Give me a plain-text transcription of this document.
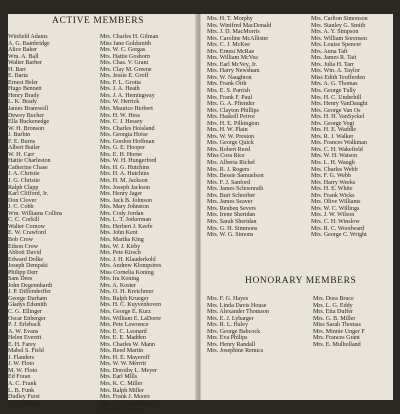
ACTIVE MEMBERS
Winfield Adams
A. G. Bainbridge
Alice Baker
Wm. A. Ball
Walter Barber
H. Barr
E. Barta
Ernest Beler
Hugo Bennett
Henry Brady
L. K. Brady
James Bramwell
Dewey Bucher
Ella Buckenedge
W. H. Bronson
J. Burbin
F. E. Burns
Albert Butler
W. H. Carr
Hattie Charleston
Catherine Chase
J. A. Christie
J. G. Christie
Ralph Clapp
Karl Clifford, Jr.
Don Clover
J. C. Cobb
Wm. Williams Collins
C. C. Corkill
Walter Cornow
E. W. Crawford
Bob Crow
Edson Crow
Abbott David
Edward Dolke
Joseph Dempski
Philipp Derr
Sam Dees
John Degennhardt
J. P. Diffenderffer
George Durham
Gladys Edsmith
C. G. Ellinger
Oscar Enberger
P. J. Erlebach
A. W. Evans
Helen Everett
E. H. Farey
Mabel S. Field
J. Flanders
J. W. Floto
M. W. Floto
Ed Foran
A. C. Frank
L. B. Funk
Dudley Furst
T. E. Gifford
Mrs. Charles H. Gilman
Miss Jane Goldsmith
Mrs. W. C. Gorgas
Mrs. Hattie Goshorn
Mrs. Chas. V. Grant
Mrs. Clay M. Greene
Mrs. Jessie E. Groff
Mrs. F. L. Grotta
Mrs. J. A. Heath
Mrs. J. A. Hemingway
Mrs. W. Herrick
Mrs. Maurice Herbert
Mrs. H. W. Hess
Mrs. C. J. Hessey
Mrs. Charles Hoisland
Mrs. Georgia Hoise
Mrs. Gordon Hoffman
Mrs. G. E. Hooper
Mrs. E. H. Horne
Mrs. W. H. Hungerford
Mrs. H. G. Hutchins
Mrs. H. A. Hutchins
Mrs. H. M. Jackson
Mrs. Joseph Jackson
Mrs. Henry Jager
Mrs. Jack B. Johnson
Mrs. Mary Johnston
Mrs. Cody Jordan
Mrs. L. T. Jorkerman
Mrs. Herbert J. Keefe
Mrs. John Kent
Mrs. Martha King
Mrs. W. J. Kirby
Mrs. Pete Kirsch
Mrs. J. H. Klauderkohl
Mrs. Andrew Klompstres
Miss Cornelia Koning
Mrs. Ira Koning
Mrs. A. Koster
Mrs. O. H. Kretchmer
Mrs. Ralph Krueger
Mrs. H. C. Kuyvenhoven
Mrs. George E. Kurz
Mrs. William E. LaDorre
Mrs. Pete Lawrence
Mrs. E. C. Leonard
Mrs. E. E. Madden
Mrs. Charles W. Mann
Mrs. Reed Martin
Mrs. H. E. Mayeroff
Mrs. W. W. Merritt
Mrs. Dorothy L. Meyer
Mrs. Earl Mills
Mrs. K. C. Miller
Mrs. Ralph Miller
Mrs. Frank J. Moore
Mrs. T. Edward Moore
Mrs. W. J. Moore
Mrs. H. T. Morphy
Mrs. Winifred MacDonald
Mrs. J. D. MacMorris
Mrs. Caroline McAllister
Mrs. C. J. McKee
Mrs. Ernest McRae
Mrs. William McVea
Mrs. Earl McVey, Jr.
Mrs. Harry Newsham
Mrs. W. Naughton
Mrs. Frank Orth
Mrs. E. S. Parrish
Mrs. Frank F. Paul
Mrs. G. A. Pfiender
Mrs. Clayton Phillips
Mrs. Haskell Peirce
Mrs. H. E. Pilkington
Mrs. H. W. Plain
Mrs. W. W. Preston
Mrs. George Quick
Mrs. Robert Reed
Miss Cora Rice
Mrs. Alberta Richel
Mrs. R. J. Rogers
Mrs. Bessie Samuelson
Mrs. F. J. Sanford
Mrs. James Schoenrath
Mrs. Burt Schreiber
Mrs. James Seaver
Mrs. Reuben Severs
Mrs. Irene Sheridan
Mrs. Sarah Sheridan
Mrs. G. H. Simmons
Mrs. W. G. Simons
Mrs. Carlton Simonson
Mrs. Stanley G. Smith
Mrs. A. Y. Simpson
Mrs. William Sorensen
Mrs. Louise Spencer
Mrs. Anna Taft
Mrs. James R. Tait
Mrs. Julia H. Tarr
Mrs. Wm. A. Taylor
Miss Edith Teufferden
Mrs. A. G. Thomas
Mrs. George Tully
Mrs. H. C. Underhill
Mrs. Henry VanDaught
Mrs. George Van Os
Mrs. H. H. VanSyckel
Mrs. George Vogt
Mrs. H. E. Waddle
Mrs. R. J. Walker
Mrs. Frances Walkman
Mrs. C. H. Wakefield
Mrs. W. H. Watson
Mrs. L. H. Waugh
Mrs. Charles Webb
Mrs. F. G. Webb
Mrs. Harry Weeks
Mrs. H. E. White
Mrs. Frank Wicks
Mrs. Olive Williams
Mrs. W. C. Willings
Mrs. J. W. Wilson
Mrs. C. H. Winslow
Mrs. R. C. Woodward
Mrs. George C. Wright
HONORARY MEMBERS
Mrs. F. G. Hayes
Mrs. Linda Davis House
Mrs. Alexander Thomson
Mrs. E. J. Lybarger
Mrs. R. L. Haley
Mrs. George Babcock
Mrs. Eva Philips
Mrs. Henry Randall
Mrs. Josephine Remics
Mrs. Dora Bruce
Mrs. L. G. Eddy
Mrs. Etta Duffer
Mrs. G. B. Miller
Miss Sarah Thomas
Mrs. Minnie Unger F
Mrs. Frances Grant
Mrs. E. Mulholland
